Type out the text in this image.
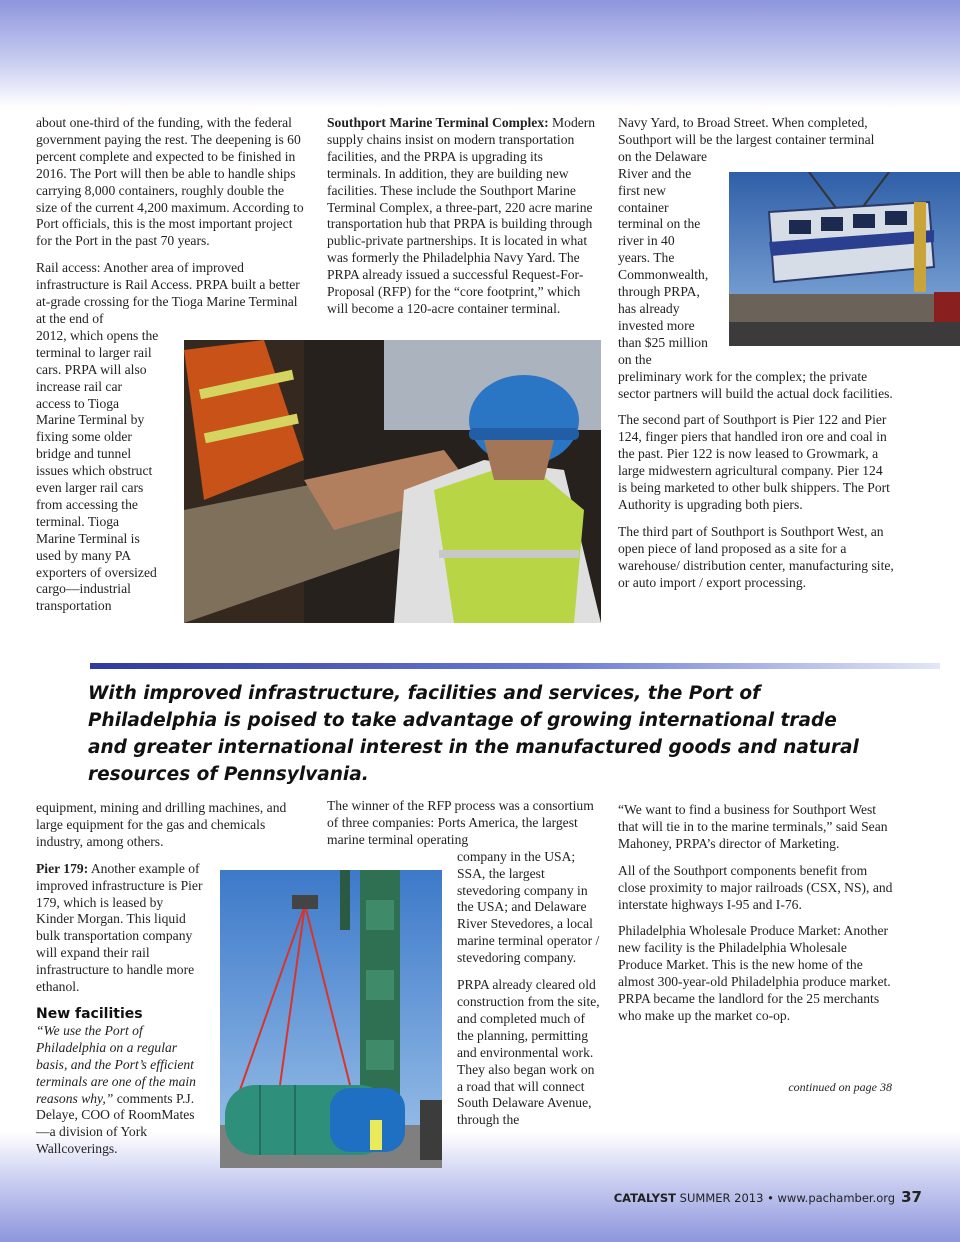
about one-third of the funding, with the federal government paying the rest. The deepening is 60 percent complete and expected to be finished in 2016. The Port will then be able to handle ships carrying 8,000 containers, roughly double the size of the current 4,200 maximum. According to Port officials, this is the most important project for the Port in the past 70 years.

Rail access: Another area of improved infrastructure is Rail Access. PRPA built a better at-grade crossing for the Tioga Marine Terminal at the end of

2012, which opens the
terminal to larger rail
cars. PRPA will also
increase rail car
access to Tioga
Marine Terminal by
fixing some older
bridge and tunnel
issues which obstruct
even larger rail cars
from accessing the
terminal. Tioga
Marine Terminal is
used by many PA
exporters of oversized
cargo—industrial
transportation

Southport Marine Terminal Complex: Modern supply chains insist on modern transportation facilities, and the PRPA is upgrading its terminals. In addition, they are building new facilities. These include the Southport Marine Terminal Complex, a three-part, 220 acre marine transportation hub that PRPA is building through public-private partnerships. It is located in what was formerly the Philadelphia Navy Yard. The PRPA already issued a successful Request-For-Proposal (RFP) for the “core footprint,” which will become a 120-acre container terminal.

Navy Yard, to Broad Street. When completed,
Southport will be the largest container terminal
on the Delaware
River and the
first new
container
terminal on the
river in 40
years. The
Commonwealth,
through PRPA,
has already
invested more
than $25 million
on the

preliminary work for the complex; the private sector partners will build the actual dock facilities.

The second part of Southport is Pier 122 and Pier 124, finger piers that handled iron ore and coal in the past. Pier 122 is now leased to Growmark, a large midwestern agricultural company. Pier 124 is being marketed to other bulk shippers. The Port Authority is upgrading both piers.

The third part of Southport is Southport West, an open piece of land proposed as a site for a warehouse/ distribution center, manufacturing site, or auto import / export processing.

With improved infrastructure, facilities and services, the Port of Philadelphia is poised to take advantage of growing international trade and greater international interest in the manufactured goods and natural resources of Pennsylvania.

equipment, mining and drilling machines, and large equipment for the gas and chemicals industry, among others.

Pier 179: Another example of improved infrastructure is Pier 179, which is leased by Kinder Morgan. This liquid bulk transportation company will expand their rail infrastructure to handle more ethanol.

New facilities

“We use the Port of Philadelphia on a regular basis, and the Port’s efficient terminals are one of the main reasons why,” comments P.J. Delaye, COO of RoomMates—a division of York Wallcoverings.

The winner of the RFP process was a consortium of three companies: Ports America, the largest marine terminal operating

company in the USA; SSA, the largest stevedoring company in the USA; and Delaware River Stevedores, a local marine terminal operator / stevedoring company.

PRPA already cleared old construction from the site, and completed much of the planning, permitting and environmental work. They also began work on a road that will connect South Delaware Avenue, through the

“We want to find a business for Southport West that will tie in to the marine terminals,” said Sean Mahoney, PRPA’s director of Marketing.

All of the Southport components benefit from close proximity to major railroads (CSX, NS), and interstate highways I-95 and I-76.

Philadelphia Wholesale Produce Market: Another new facility is the Philadelphia Wholesale Produce Market. This is the new home of the almost 300-year-old Philadelphia produce market. PRPA became the landlord for the 25 merchants who make up the market co-op.

continued on page 38
CATALYST SUMMER 2013 • www.pachamber.org 37
